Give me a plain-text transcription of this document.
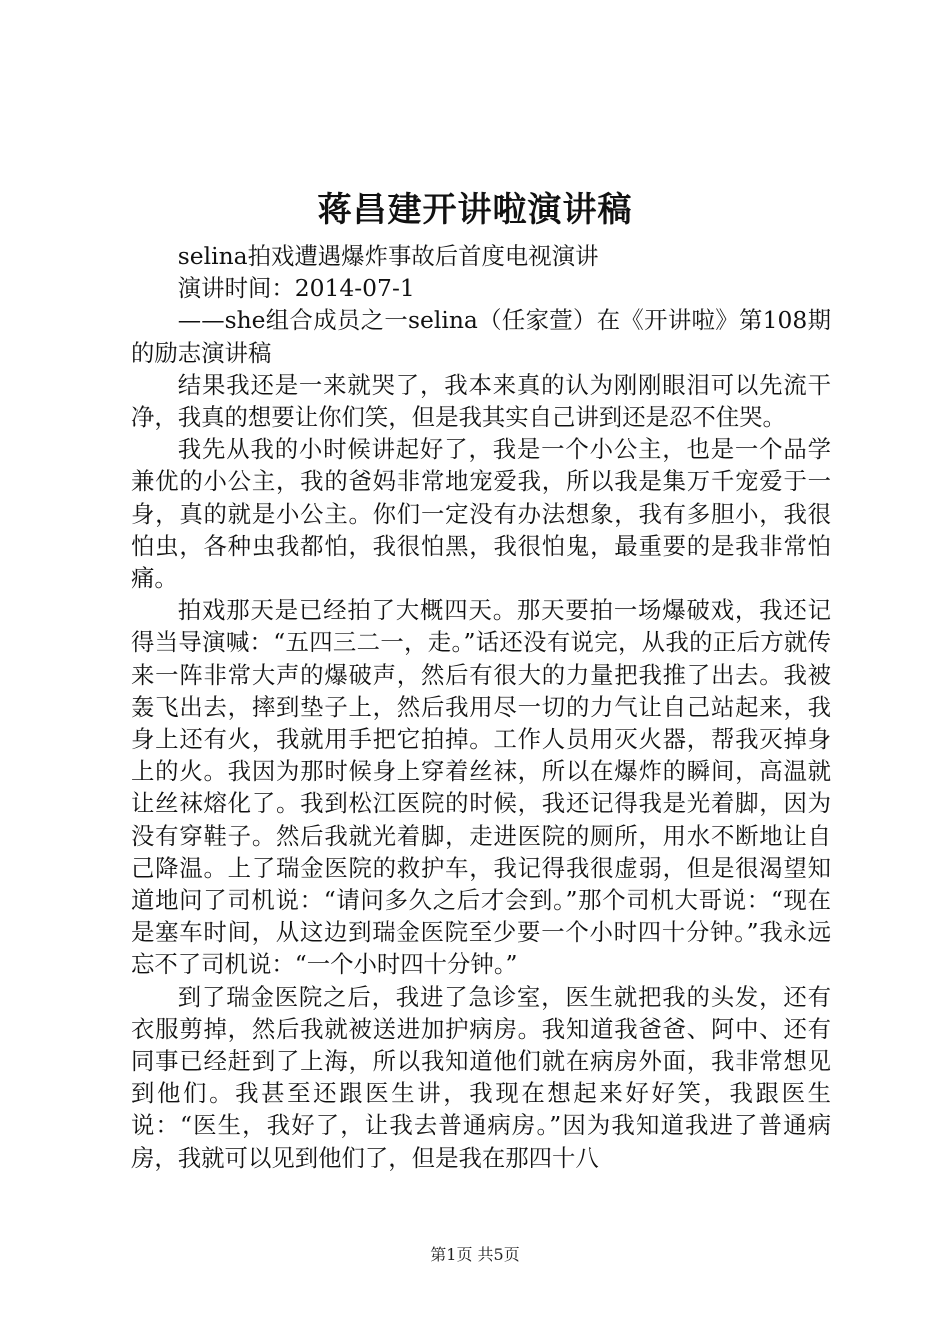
蒋昌建开讲啦演讲稿

selina拍戏遭遇爆炸事故后首度电视演讲

演讲时间：2014-07-1

——she组合成员之一selina（任家萱）在《开讲啦》第108期的励志演讲稿

结果我还是一来就哭了，我本来真的认为刚刚眼泪可以先流干净，我真的想要让你们笑，但是我其实自己讲到还是忍不住哭。

我先从我的小时候讲起好了，我是一个小公主，也是一个品学兼优的小公主，我的爸妈非常地宠爱我，所以我是集万千宠爱于一身，真的就是小公主。你们一定没有办法想象，我有多胆小，我很怕虫，各种虫我都怕，我很怕黑，我很怕鬼，最重要的是我非常怕痛。

拍戏那天是已经拍了大概四天。那天要拍一场爆破戏，我还记得当导演喊：“五四三二一，走。”话还没有说完，从我的正后方就传来一阵非常大声的爆破声，然后有很大的力量把我推了出去。我被轰飞出去，摔到垫子上，然后我用尽一切的力气让自己站起来，我身上还有火，我就用手把它拍掉。工作人员用灭火器，帮我灭掉身上的火。我因为那时候身上穿着丝袜，所以在爆炸的瞬间，高温就让丝袜熔化了。我到松江医院的时候，我还记得我是光着脚，因为没有穿鞋子。然后我就光着脚，走进医院的厕所，用水不断地让自己降温。上了瑞金医院的救护车，我记得我很虚弱，但是很渴望知道地问了司机说：“请问多久之后才会到。”那个司机大哥说：“现在是塞车时间，从这边到瑞金医院至少要一个小时四十分钟。”我永远忘不了司机说：“一个小时四十分钟。”

到了瑞金医院之后，我进了急诊室，医生就把我的头发，还有衣服剪掉，然后我就被送进加护病房。我知道我爸爸、阿中、还有同事已经赶到了上海，所以我知道他们就在病房外面，我非常想见到他们。我甚至还跟医生讲，我现在想起来好好笑，我跟医生说：“医生，我好了，让我去普通病房。”因为我知道我进了普通病房，我就可以见到他们了，但是我在那四十八

第1页 共5页
